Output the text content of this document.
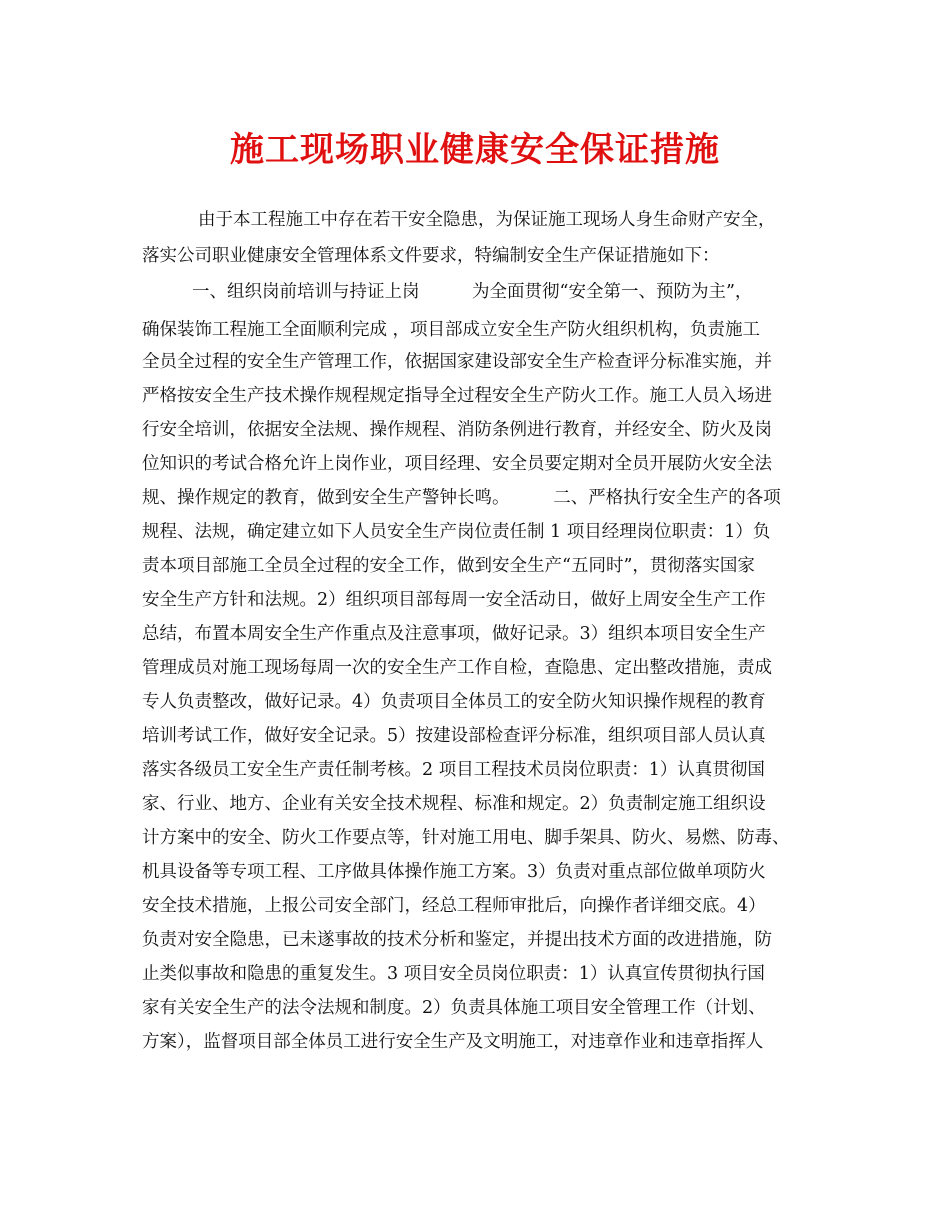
施工现场职业健康安全保证措施
由于本工程施工中存在若干安全隐患，为保证施工现场人身生命财产安全，
落实公司职业健康安全管理体系文件要求，特编制安全生产保证措施如下：
一、组织岗前培训与持证上岗　　　为全面贯彻“安全第一、预防为主”，
确保装饰工程施工全面顺利完成 ，项目部成立安全生产防火组织机构，负责施工
全员全过程的安全生产管理工作，依据国家建设部安全生产检查评分标准实施，并
严格按安全生产技术操作规程规定指导全过程安全生产防火工作。施工人员入场进
行安全培训，依据安全法规、操作规程、消防条例进行教育，并经安全、防火及岗
位知识的考试合格允许上岗作业，项目经理、安全员要定期对全员开展防火安全法
规、操作规定的教育，做到安全生产警钟长鸣。　　　二、严格执行安全生产的各项
规程、法规，确定建立如下人员安全生产岗位责任制 1 项目经理岗位职责：1）负
责本项目部施工全员全过程的安全工作，做到安全生产“五同时”，贯彻落实国家
安全生产方针和法规。2）组织项目部每周一安全活动日，做好上周安全生产工作
总结，布置本周安全生产作重点及注意事项，做好记录。3）组织本项目安全生产
管理成员对施工现场每周一次的安全生产工作自检，查隐患、定出整改措施，责成
专人负责整改，做好记录。4）负责项目全体员工的安全防火知识操作规程的教育
培训考试工作，做好安全记录。5）按建设部检查评分标准，组织项目部人员认真
落实各级员工安全生产责任制考核。2 项目工程技术员岗位职责：1）认真贯彻国
家、行业、地方、企业有关安全技术规程、标准和规定。2）负责制定施工组织设
计方案中的安全、防火工作要点等，针对施工用电、脚手架具、防火、易燃、防毒、
机具设备等专项工程、工序做具体操作施工方案。3）负责对重点部位做单项防火
安全技术措施，上报公司安全部门，经总工程师审批后，向操作者详细交底。4）
负责对安全隐患，已未遂事故的技术分析和鉴定，并提出技术方面的改进措施，防
止类似事故和隐患的重复发生。3 项目安全员岗位职责：1）认真宣传贯彻执行国
家有关安全生产的法令法规和制度。2）负责具体施工项目安全管理工作（计划、
方案），监督项目部全体员工进行安全生产及文明施工，对违章作业和违章指挥人
